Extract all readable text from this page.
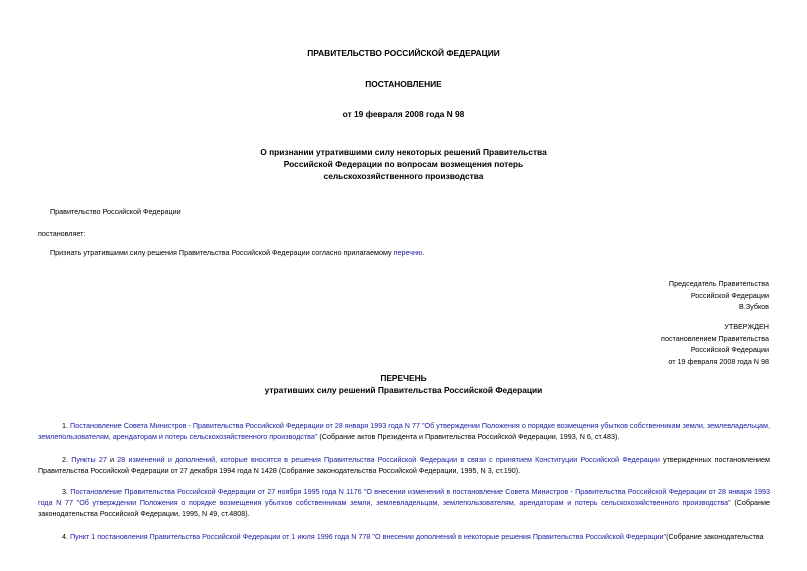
ПРАВИТЕЛЬСТВО РОССИЙСКОЙ ФЕДЕРАЦИИ
ПОСТАНОВЛЕНИЕ
от 19 февраля 2008 года N 98
О признании утратившими силу некоторых решений Правительства
Российской Федерации по вопросам возмещения потерь
сельскохозяйственного производства
Правительство Российской Федерации
постановляет:
Признать утратившими силу решения Правительства Российской Федерации согласно прилагаемому перечню.
Председатель Правительства
Российской Федерации
В.Зубков
УТВЕРЖДЕН
постановлением Правительства
Российской Федерации
от 19 февраля 2008 года N 98
ПЕРЕЧЕНЬ
утративших силу решений Правительства Российской Федерации
1. Постановление Совета Министров - Правительства Российской Федерации от 28 января 1993 года N 77 "Об утверждении Положения о порядке возмещения убытков собственникам земли, землевладельцам, землепользователям, арендаторам и потерь сельскохозяйственного производства" (Собрание актов Президента и Правительства Российской Федерации, 1993, N 6, ст.483).
2. Пункты 27 и 28 изменений и дополнений, которые вносятся в решения Правительства Российской Федерации в связи с принятием Конституции Российской Федерации утвержденных постановлением Правительства Российской Федерации от 27 декабря 1994 года N 1428 (Собрание законодательства Российской Федерации, 1995, N 3, ст.190).
3. Постановление Правительства Российской Федерации от 27 ноября 1995 года N 1176 "О внесении изменений в постановление Совета Министров - Правительства Российской Федерации от 28 января 1993 года N 77 "Об утверждении Положения о порядке возмещения убытков собственникам земли, землевладельцам, землепользователям, арендаторам и потерь сельскохозяйственного производства" (Собрание законодательства Российской Федерации, 1995, N 49, ст.4808).
4. Пункт 1 постановления Правительства Российской Федерации от 1 июля 1996 года N 778 "О внесении дополнений в некоторые решения Правительства Российской Федерации"(Собрание законодательства
